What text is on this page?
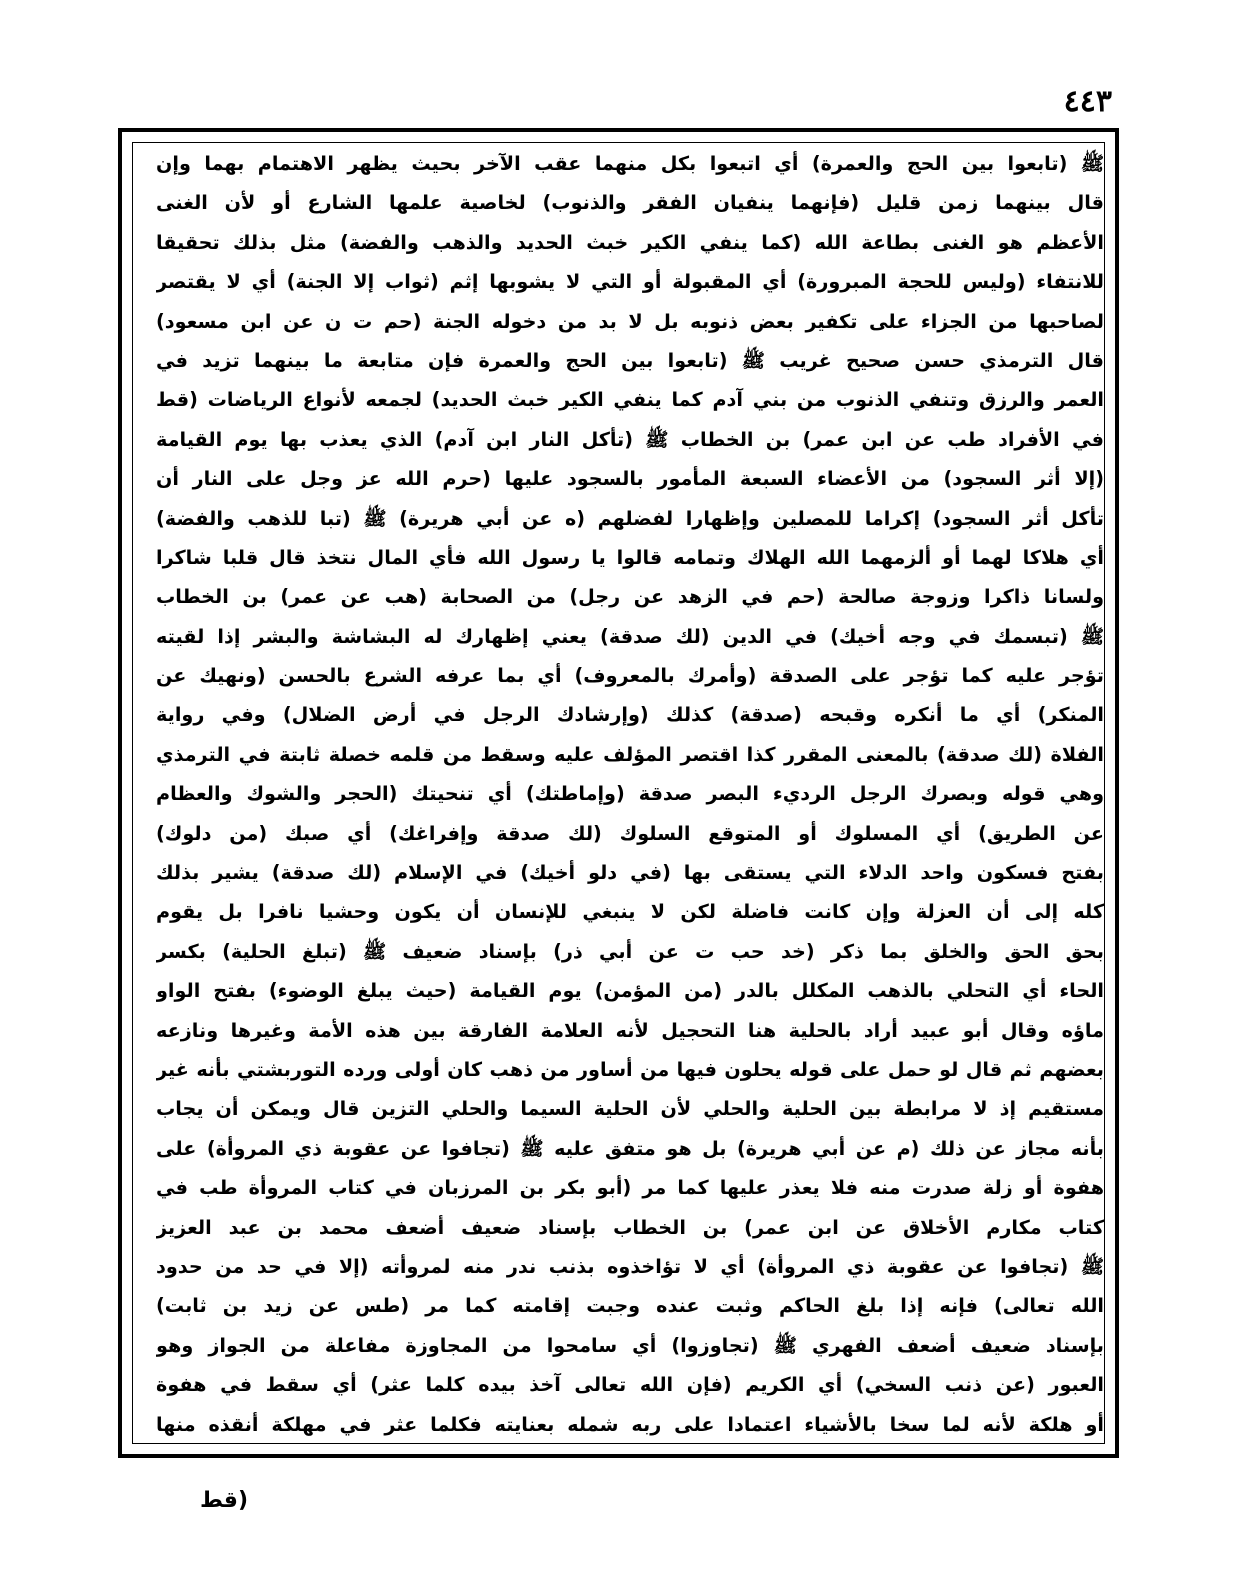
٤٤٣
ﷺ (تابعوا بين الحج والعمرة) أي اتبعوا بكل منهما عقب الآخر بحيث يظهر الاهتمام بهما وإن
قال بينهما زمن قليل (فإنهما ينفيان الفقر والذنوب) لخاصية علمها الشارع أو لأن الغنى
الأعظم هو الغنى بطاعة الله (كما ينفي الكير خبث الحديد والذهب والفضة) مثل بذلك تحقيقا
للانتفاء (وليس للحجة المبرورة) أي المقبولة أو التي لا يشوبها إثم (ثواب إلا الجنة) أي لا يقتصر
لصاحبها من الجزاء على تكفير بعض ذنوبه بل لا بد من دخوله الجنة (حم ت ن عن ابن مسعود)
قال الترمذي حسن صحيح غريب ﷺ (تابعوا بين الحج والعمرة فإن متابعة ما بينهما تزيد في
العمر والرزق وتنفي الذنوب من بني آدم كما ينفي الكير خبث الحديد) لجمعه لأنواع الرياضات (قط
في الأفراد طب عن ابن عمر) بن الخطاب ﷺ (تأكل النار ابن آدم) الذي يعذب بها يوم القيامة
(إلا أثر السجود) من الأعضاء السبعة المأمور بالسجود عليها (حرم الله عز وجل على النار أن
تأكل أثر السجود) إكراما للمصلين وإظهارا لفضلهم (ه عن أبي هريرة) ﷺ (تبا للذهب والفضة)
أي هلاكا لهما أو ألزمهما الله الهلاك وتمامه قالوا يا رسول الله فأي المال نتخذ قال قلبا شاكرا
ولسانا ذاكرا وزوجة صالحة (حم في الزهد عن رجل) من الصحابة (هب عن عمر) بن الخطاب
ﷺ (تبسمك في وجه أخيك) في الدين (لك صدقة) يعني إظهارك له البشاشة والبشر إذا لقيته
تؤجر عليه كما تؤجر على الصدقة (وأمرك بالمعروف) أي بما عرفه الشرع بالحسن (ونهيك عن
المنكر) أي ما أنكره وقبحه (صدقة) كذلك (وإرشادك الرجل في أرض الضلال) وفي رواية
الفلاة (لك صدقة) بالمعنى المقرر كذا اقتصر المؤلف عليه وسقط من قلمه خصلة ثابتة في الترمذي
وهي قوله وبصرك الرجل الرديء البصر صدقة (وإماطتك) أي تنحيتك (الحجر والشوك والعظام
عن الطريق) أي المسلوك أو المتوقع السلوك (لك صدقة وإفراغك) أي صبك (من دلوك)
بفتح فسكون واحد الدلاء التي يستقى بها (في دلو أخيك) في الإسلام (لك صدقة) يشير بذلك
كله إلى أن العزلة وإن كانت فاضلة لكن لا ينبغي للإنسان أن يكون وحشيا نافرا بل يقوم
بحق الحق والخلق بما ذكر (خد حب ت عن أبي ذر) بإسناد ضعيف ﷺ (تبلغ الحلية) بكسر
الحاء أي التحلي بالذهب المكلل بالدر (من المؤمن) يوم القيامة (حيث يبلغ الوضوء) بفتح الواو
ماؤه وقال أبو عبيد أراد بالحلية هنا التحجيل لأنه العلامة الفارقة بين هذه الأمة وغيرها ونازعه
بعضهم ثم قال لو حمل على قوله يحلون فيها من أساور من ذهب كان أولى ورده التوربشتي بأنه غير
مستقيم إذ لا مرابطة بين الحلية والحلي لأن الحلية السيما والحلي التزين قال ويمكن أن يجاب
بأنه مجاز عن ذلك (م عن أبي هريرة) بل هو متفق عليه ﷺ (تجافوا عن عقوبة ذي المروأة) على
هفوة أو زلة صدرت منه فلا يعذر عليها كما مر (أبو بكر بن المرزبان في كتاب المروأة طب في
كتاب مكارم الأخلاق عن ابن عمر) بن الخطاب بإسناد ضعيف أضعف محمد بن عبد العزيز
ﷺ (تجافوا عن عقوبة ذي المروأة) أي لا تؤاخذوه بذنب ندر منه لمروأته (إلا في حد من حدود
الله تعالى) فإنه إذا بلغ الحاكم وثبت عنده وجبت إقامته كما مر (طس عن زيد بن ثابت)
بإسناد ضعيف أضعف الفهري ﷺ (تجاوزوا) أي سامحوا من المجاوزة مفاعلة من الجواز وهو
العبور (عن ذنب السخي) أي الكريم (فإن الله تعالى آخذ بيده كلما عثر) أي سقط في هفوة
أو هلكة لأنه لما سخا بالأشياء اعتمادا على ربه شمله بعنايته فكلما عثر في مهلكة أنقذه منها
(قط
